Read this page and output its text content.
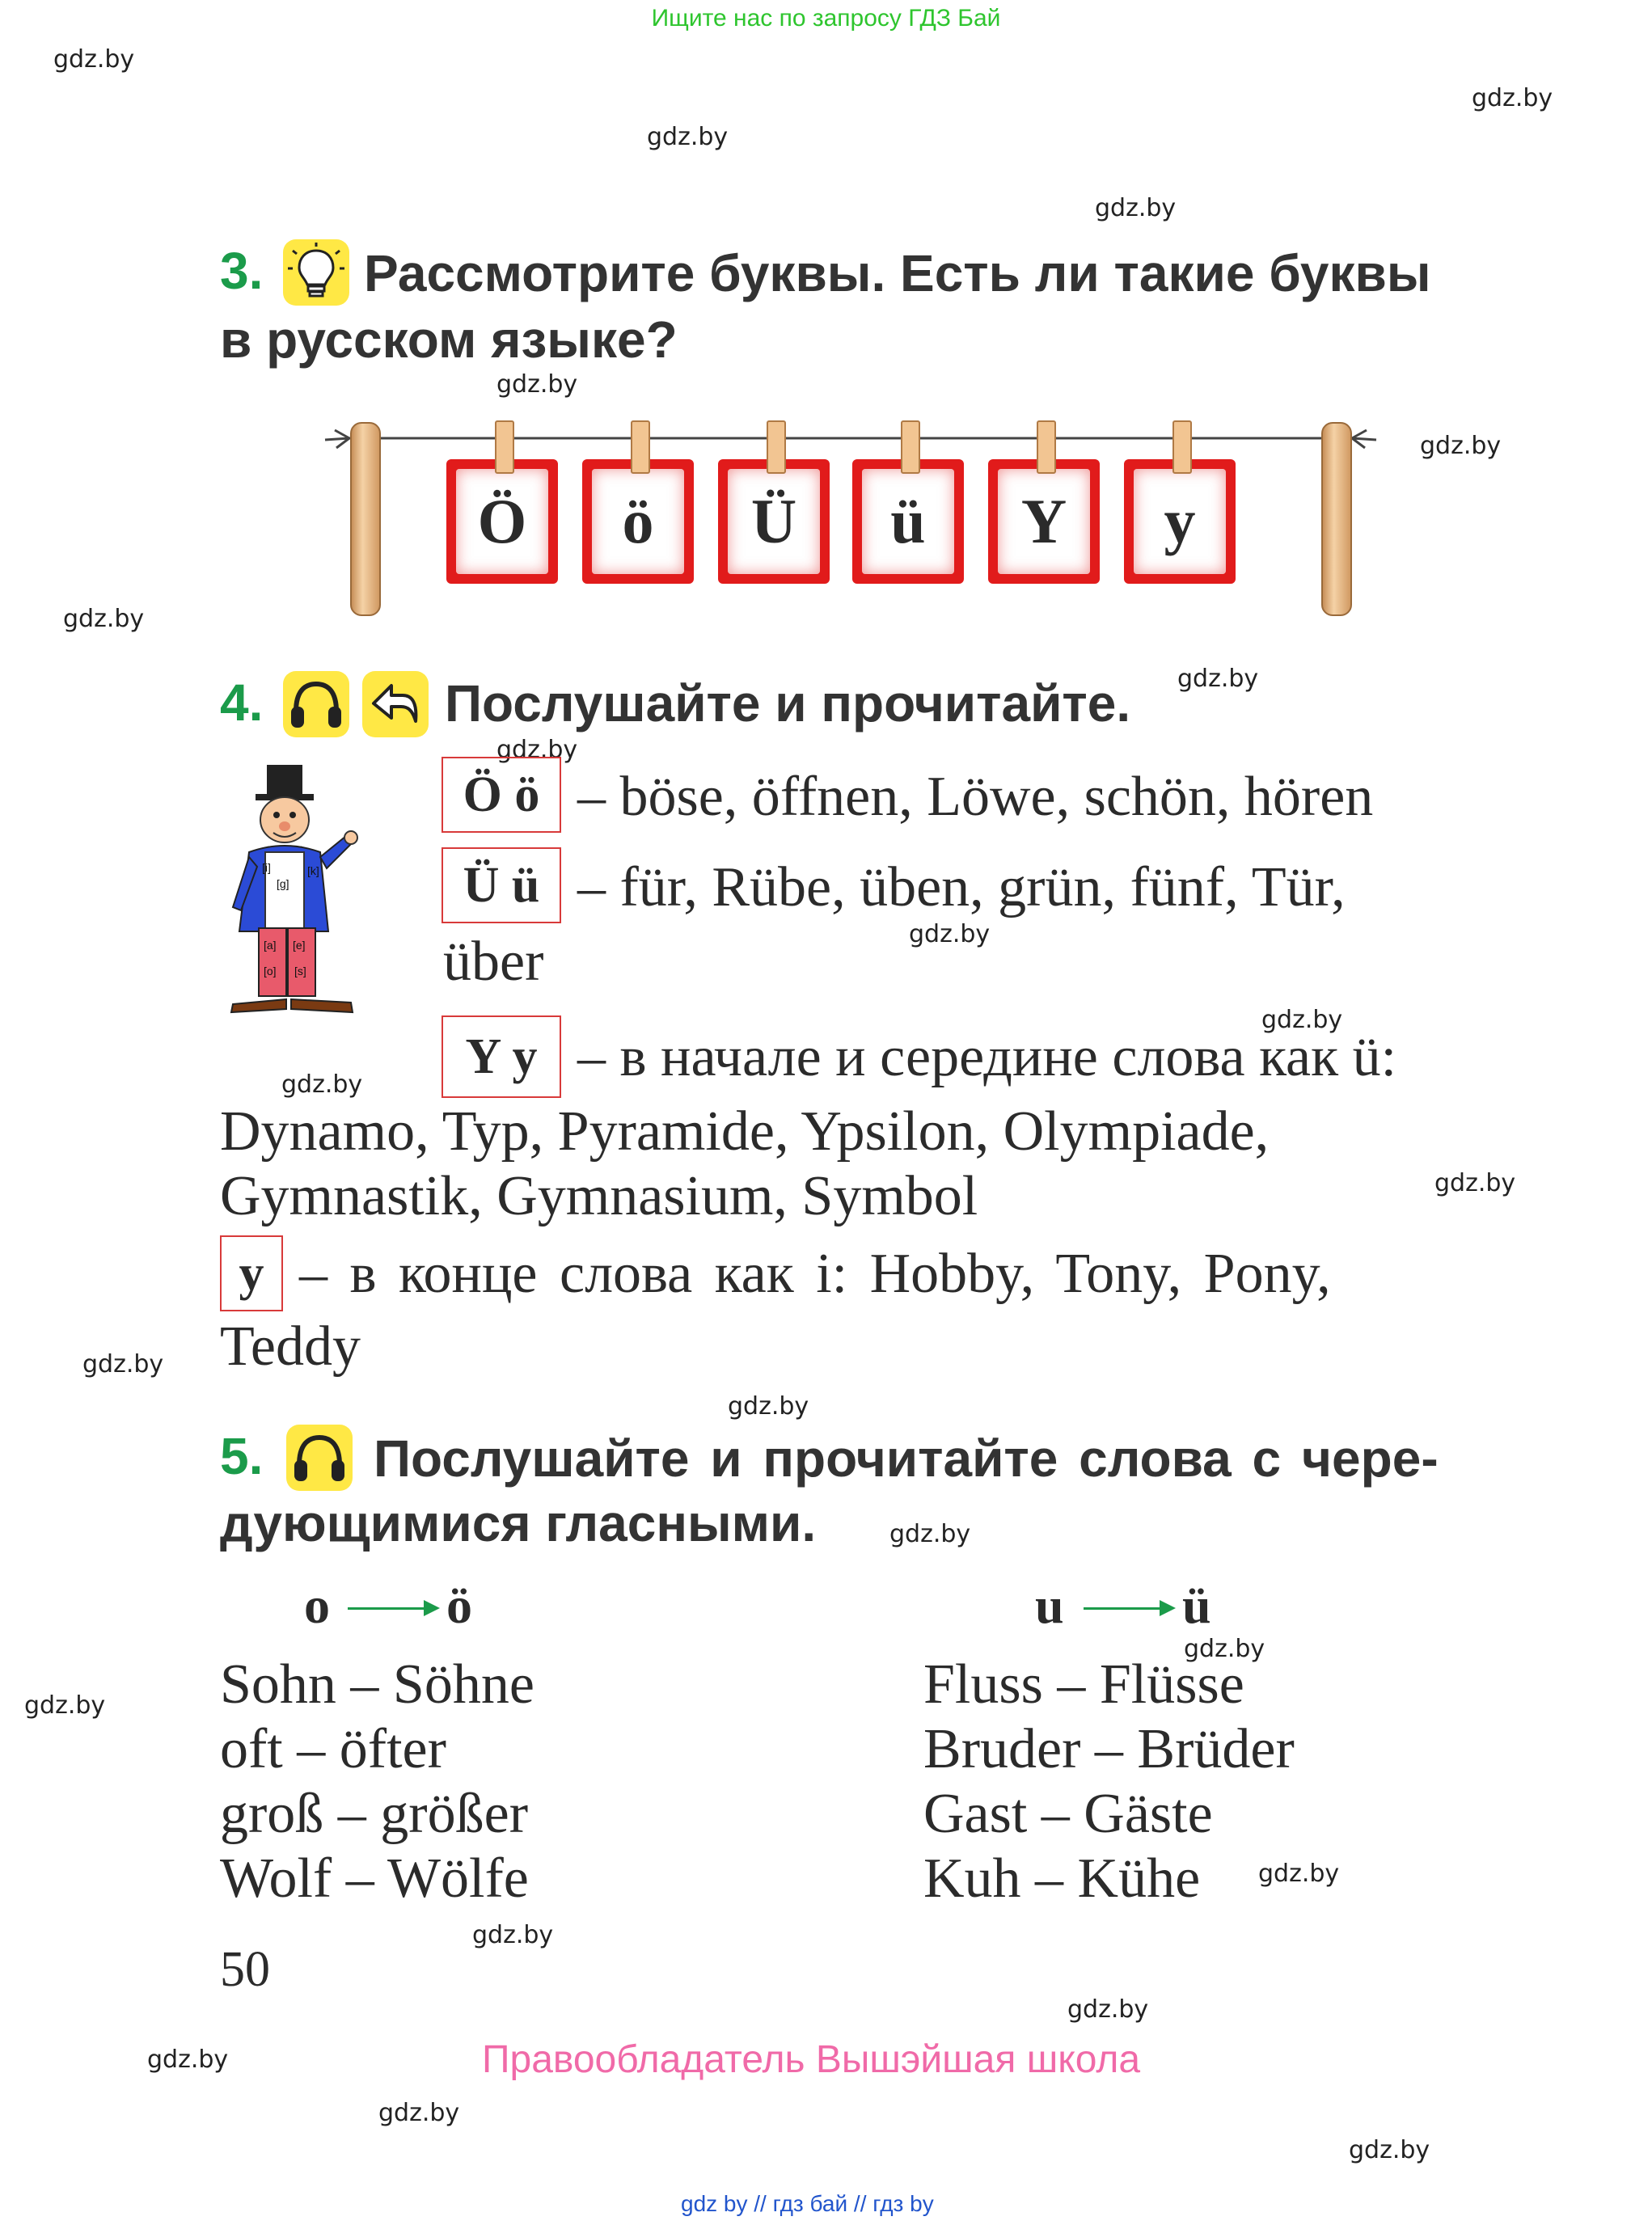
Ищите нас по запросу ГДЗ Бай
gdz.by
gdz.by
gdz.by
gdz.by
gdz.by
gdz.by
gdz.by
gdz.by
gdz.by
gdz.by
gdz.by
gdz.by
gdz.by
gdz.by
gdz.by
gdz.by
gdz.by
gdz.by
gdz.by
gdz.by
gdz.by
gdz.by
gdz.by
gdz.by
3. Рассмотрите буквы. Есть ли такие буквы
в русском языке?
Ö	ö	Ü	ü	Y	y
4.	Послушайте и прочитайте.
[i]
[g]
[k]
[a] [e]
[o] [s]
Ö ö – böse, öffnen, Löwe, schön, hören
Ü ü – für, Rübe, üben, grün, fünf, Tür,
über
Y y – в начале и середине слова как ü:
Dynamo, Typ, Pyramide, Ypsilon, Olympiade,
Gymnastik, Gymnasium, Symbol
y – в конце слова как i: Hobby, Tony, Pony,
Teddy
5. Послушайте и прочитайте слова с чере-
дующимися гласными.
o ö	u ü
Sohn – Söhne
oft – öfter
groß – größer
Wolf – Wölfe
Fluss – Flüsse
Bruder – Brüder
Gast – Gäste
Kuh – Kühe
50
Правообладатель Вышэйшая школа
gdz by // гдз бай // гдз by
